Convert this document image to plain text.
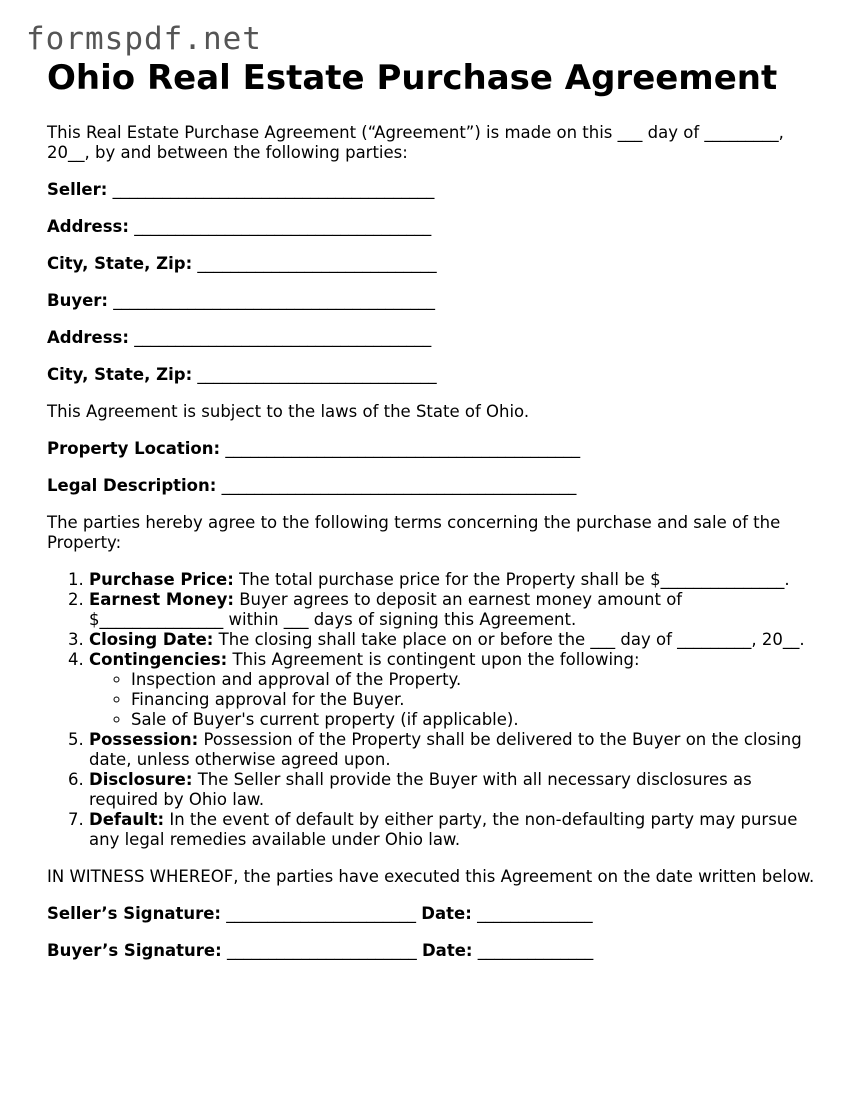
formspdf.net
Ohio Real Estate Purchase Agreement

This Real Estate Purchase Agreement (“Agreement”) is made on this ___ day of _________, 20__, by and between the following parties:

Seller: _______________________________________

Address: ____________________________________

City, State, Zip: _____________________________

Buyer: _______________________________________

Address: ____________________________________

City, State, Zip: _____________________________

This Agreement is subject to the laws of the State of Ohio.

Property Location: ___________________________________________

Legal Description: ___________________________________________

The parties hereby agree to the following terms concerning the purchase and sale of the Property:

1. Purchase Price: The total purchase price for the Property shall be $_______________.
2. Earnest Money: Buyer agrees to deposit an earnest money amount of $_______________ within ___ days of signing this Agreement.
3. Closing Date: The closing shall take place on or before the ___ day of _________, 20__.
4. Contingencies: This Agreement is contingent upon the following:
◦ Inspection and approval of the Property.
◦ Financing approval for the Buyer.
◦ Sale of Buyer's current property (if applicable).
5. Possession: Possession of the Property shall be delivered to the Buyer on the closing date, unless otherwise agreed upon.
6. Disclosure: The Seller shall provide the Buyer with all necessary disclosures as required by Ohio law.
7. Default: In the event of default by either party, the non-defaulting party may pursue any legal remedies available under Ohio law.

IN WITNESS WHEREOF, the parties have executed this Agreement on the date written below.

Seller’s Signature: _______________________ Date: ______________

Buyer’s Signature: _______________________ Date: ______________
